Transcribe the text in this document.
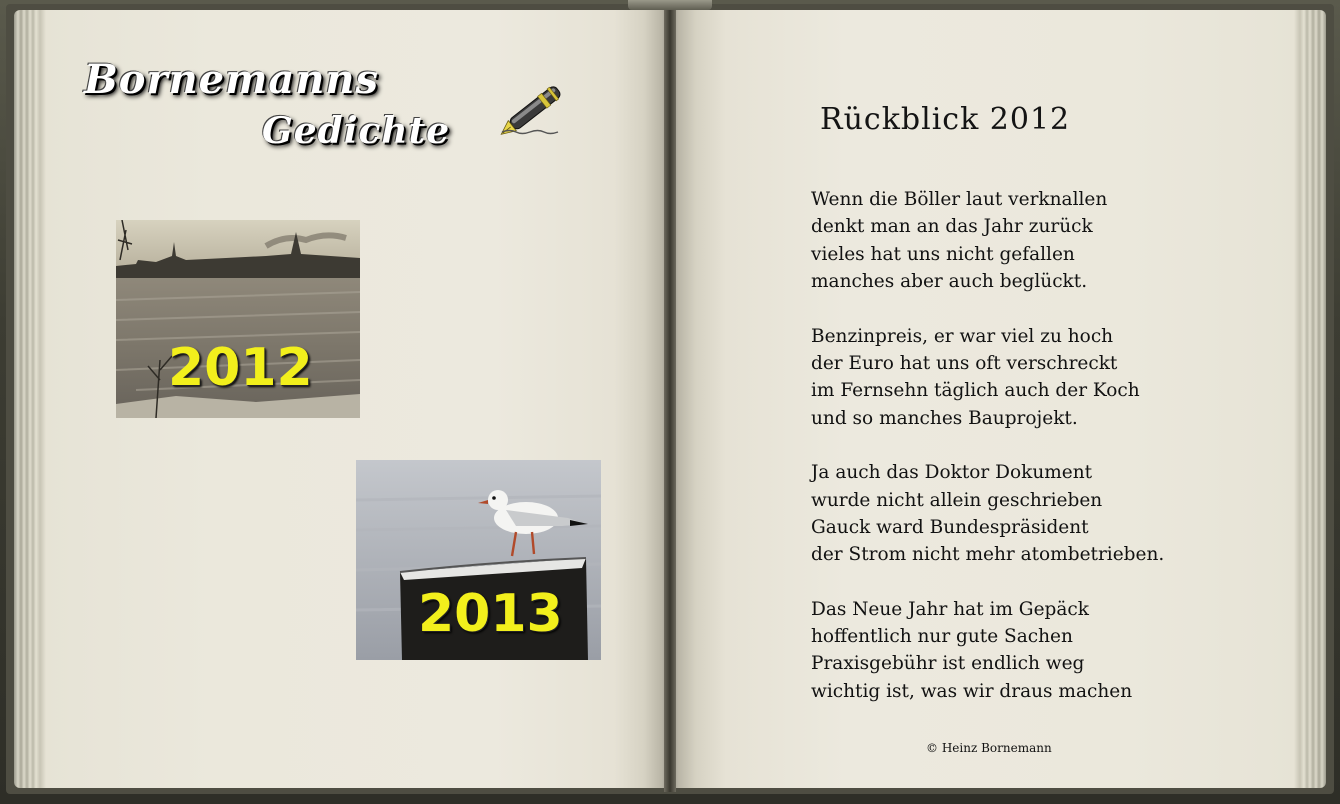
Bornemanns
Gedichte
2012
2013
Rückblick 2012
Wenn die Böller laut verknallen
denkt man an das Jahr zurück
vieles hat uns nicht gefallen
manches aber auch beglückt.
Benzinpreis, er war viel zu hoch
der Euro hat uns oft verschreckt
im Fernsehn täglich auch der Koch
und so manches Bauprojekt.
Ja auch das Doktor Dokument
wurde nicht allein geschrieben
Gauck ward Bundespräsident
der Strom nicht mehr atombetrieben.
Das Neue Jahr hat im Gepäck
hoffentlich nur gute Sachen
Praxisgebühr ist endlich weg
wichtig ist, was wir draus machen
© Heinz Bornemann
